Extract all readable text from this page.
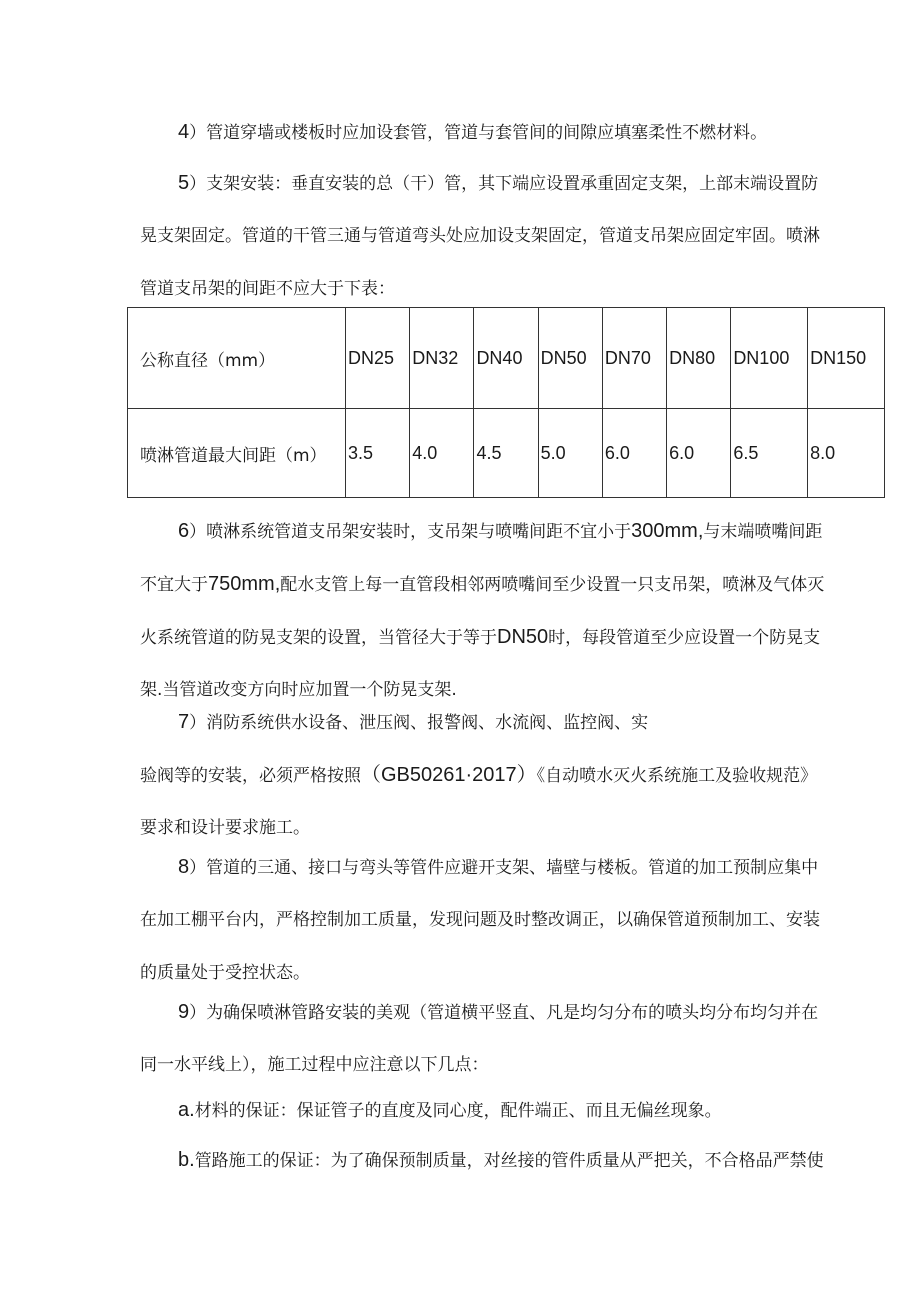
4）管道穿墙或楼板时应加设套管，管道与套管间的间隙应填塞柔性不燃材料。

5）支架安装：垂直安装的总（干）管，其下端应设置承重固定支架，上部末端设置防
晃支架固定。管道的干管三通与管道弯头处应加设支架固定，管道支吊架应固定牢固。喷淋
管道支吊架的间距不应大于下表：

公称直径（mm）	DN25	DN32	DN40	DN50	DN70	DN80	DN100	DN150
喷淋管道最大间距（m）	3.5	4.0	4.5	5.0	6.0	6.0	6.5	8.0

6）喷淋系统管道支吊架安装时，支吊架与喷嘴间距不宜小于300mm,与末端喷嘴间距
不宜大于750mm,配水支管上每一直管段相邻两喷嘴间至少设置一只支吊架，喷淋及气体灭
火系统管道的防晃支架的设置，当管径大于等于DN50时，每段管道至少应设置一个防晃支
架.当管道改变方向时应加置一个防晃支架.

7）消防系统供水设备、泄压阀、报警阀、水流阀、监控阀、实
验阀等的安装，必须严格按照（GB50261·2017）《自动喷水灭火系统施工及验收规范》
要求和设计要求施工。

8）管道的三通、接口与弯头等管件应避开支架、墙壁与楼板。管道的加工预制应集中
在加工棚平台内，严格控制加工质量，发现问题及时整改调正，以确保管道预制加工、安装
的质量处于受控状态。

9）为确保喷淋管路安装的美观（管道横平竖直、凡是均匀分布的喷头均分布均匀并在
同一水平线上），施工过程中应注意以下几点：

a.材料的保证：保证管子的直度及同心度，配件端正、而且无偏丝现象。

b.管路施工的保证：为了确保预制质量，对丝接的管件质量从严把关，不合格品严禁使
